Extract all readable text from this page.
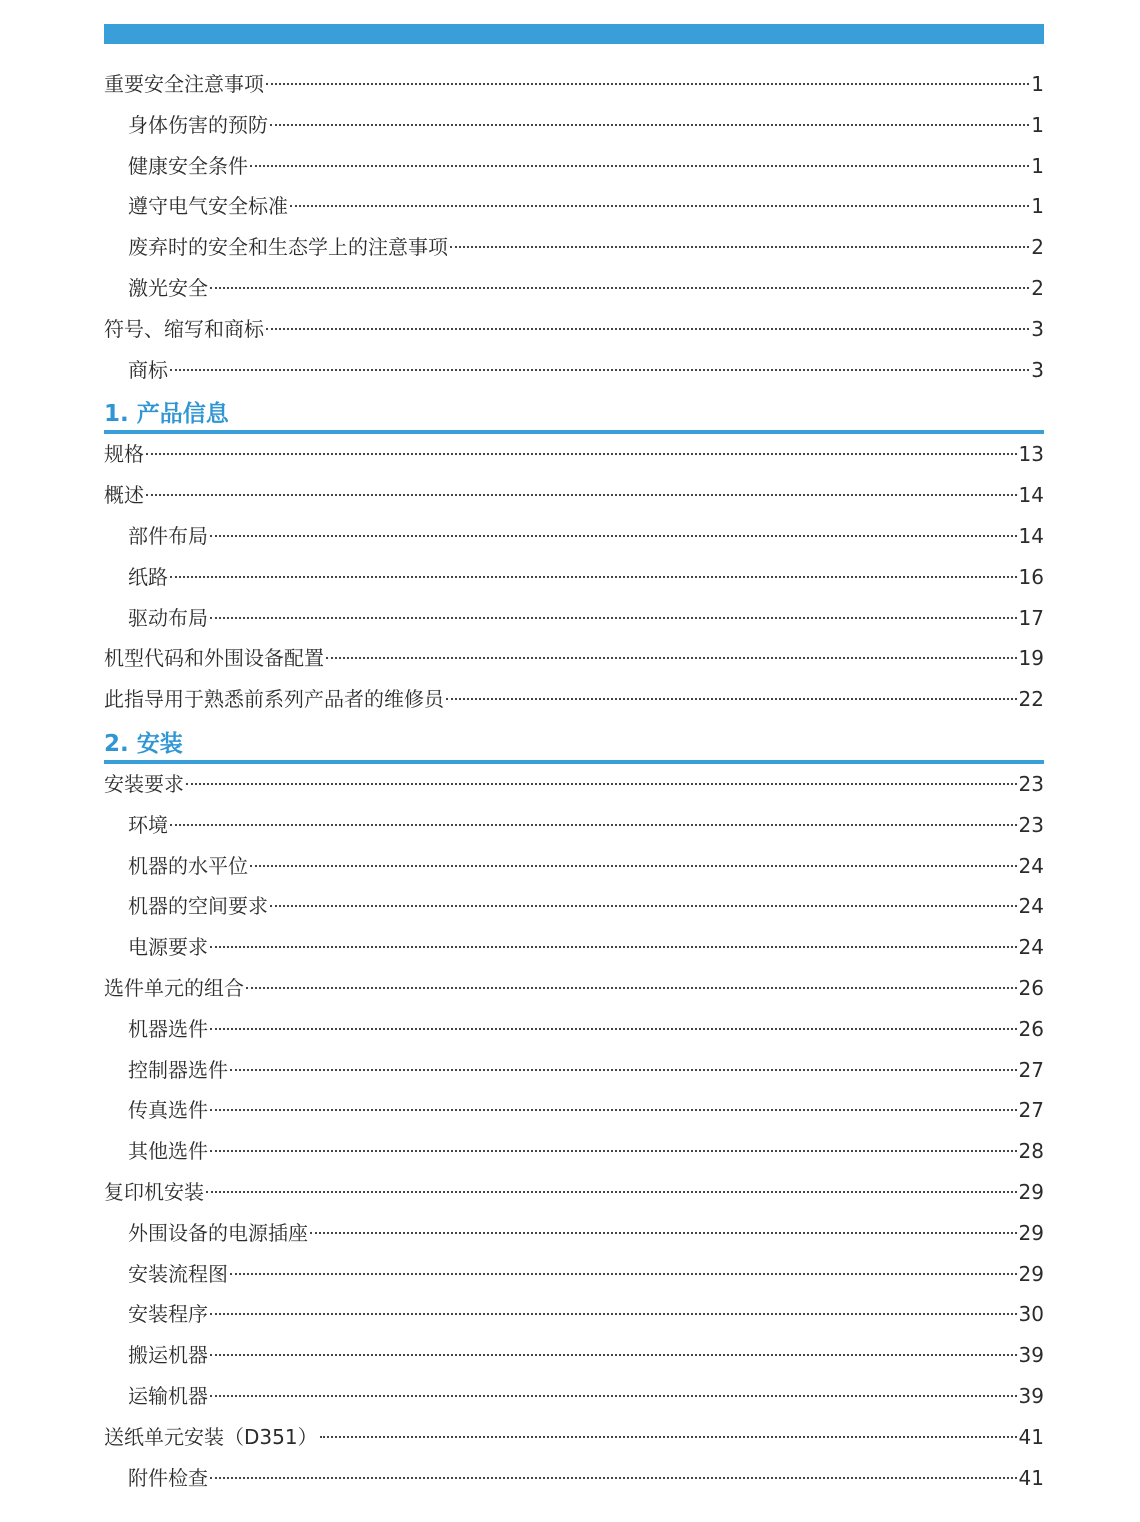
重要安全注意事项	1
身体伤害的预防	1
健康安全条件	1
遵守电气安全标准	1
废弃时的安全和生态学上的注意事项	2
激光安全	2
符号、缩写和商标	3
商标	3
1. 产品信息
规格	13
概述	14
部件布局	14
纸路	16
驱动布局	17
机型代码和外围设备配置	19
此指导用于熟悉前系列产品者的维修员	22
2. 安装
安装要求	23
环境	23
机器的水平位	24
机器的空间要求	24
电源要求	24
选件单元的组合	26
机器选件	26
控制器选件	27
传真选件	27
其他选件	28
复印机安装	29
外围设备的电源插座	29
安装流程图	29
安装程序	30
搬运机器	39
运输机器	39
送纸单元安装（D351）	41
附件检查	41
